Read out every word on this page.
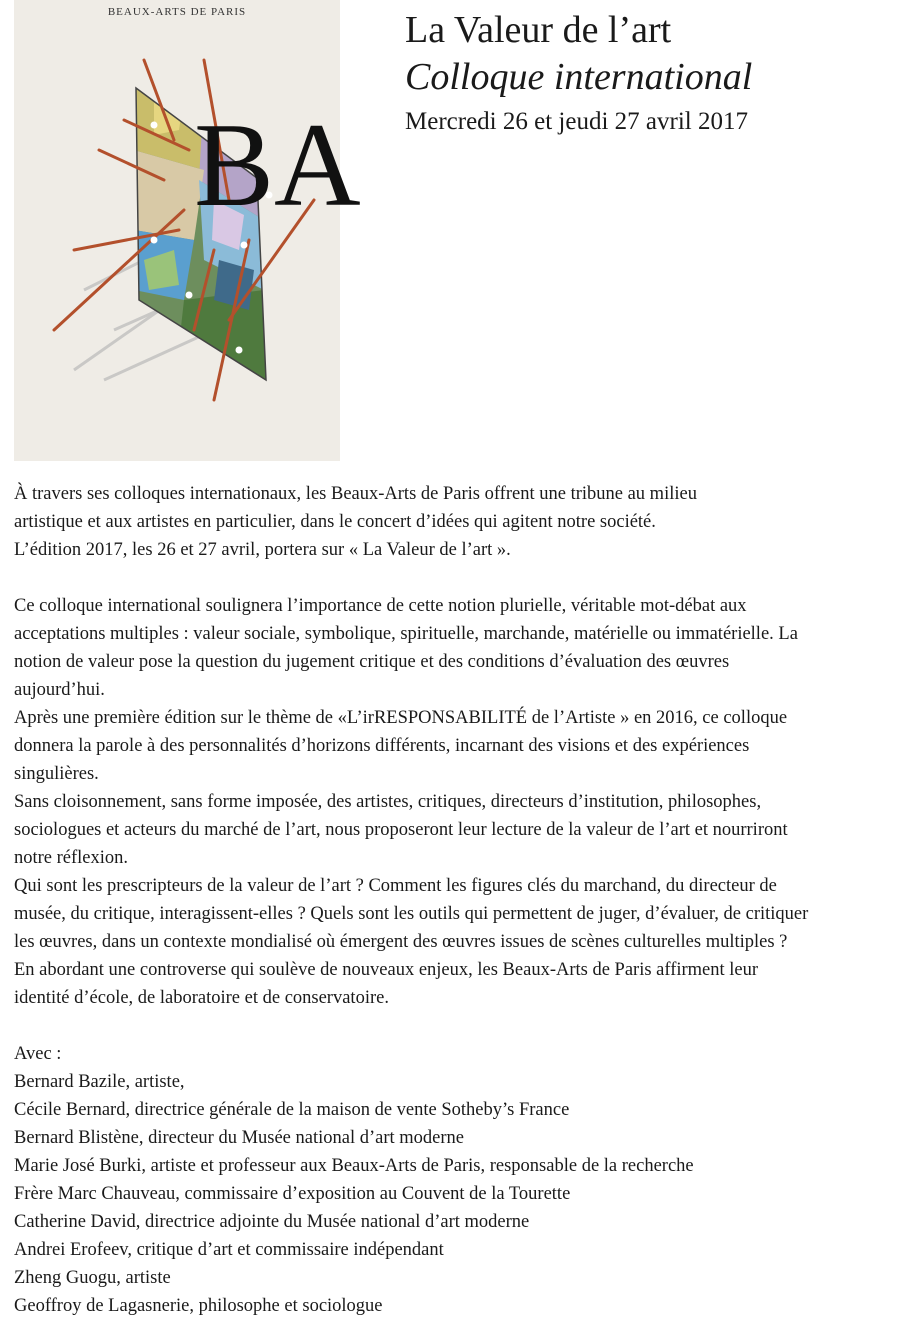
BEAUX-ARTS DE PARIS
BA
La Valeur de l’art
Colloque international
Mercredi 26 et jeudi 27 avril 2017

À travers ses colloques internationaux, les Beaux-Arts de Paris offrent une tribune au milieu

artistique et aux artistes en particulier, dans le concert d’idées qui agitent notre société.

L’édition 2017, les 26 et 27 avril, portera sur « La Valeur de l’art ».

Ce colloque international soulignera l’importance de cette notion plurielle, véritable mot-débat aux

acceptations multiples : valeur sociale, symbolique, spirituelle, marchande, matérielle ou immatérielle. La

notion de valeur pose la question du jugement critique et des conditions d’évaluation des œuvres

aujourd’hui.

Après une première édition sur le thème de «L’irRESPONSABILITÉ de l’Artiste » en 2016, ce colloque

donnera la parole à des personnalités d’horizons différents, incarnant des visions et des expériences

singulières.

Sans cloisonnement, sans forme imposée, des artistes, critiques, directeurs d’institution, philosophes,

sociologues et acteurs du marché de l’art, nous proposeront leur lecture de la valeur de l’art et nourriront

notre réflexion.

Qui sont les prescripteurs de la valeur de l’art ? Comment les figures clés du marchand, du directeur de

musée, du critique, interagissent-elles ? Quels sont les outils qui permettent de juger, d’évaluer, de critiquer

les œuvres, dans un contexte mondialisé où émergent des œuvres issues de scènes culturelles multiples ?

En abordant une controverse qui soulève de nouveaux enjeux, les Beaux-Arts de Paris affirment leur

identité d’école, de laboratoire et de conservatoire.

Avec :

Bernard Bazile, artiste,

Cécile Bernard, directrice générale de la maison de vente Sotheby’s France

Bernard Blistène, directeur du Musée national d’art moderne

Marie José Burki, artiste et professeur aux Beaux-Arts de Paris, responsable de la recherche

Frère Marc Chauveau, commissaire d’exposition au Couvent de la Tourette

Catherine David, directrice adjointe du Musée national d’art moderne

Andrei Erofeev, critique d’art et commissaire indépendant

Zheng Guogu, artiste

Geoffroy de Lagasnerie, philosophe et sociologue
